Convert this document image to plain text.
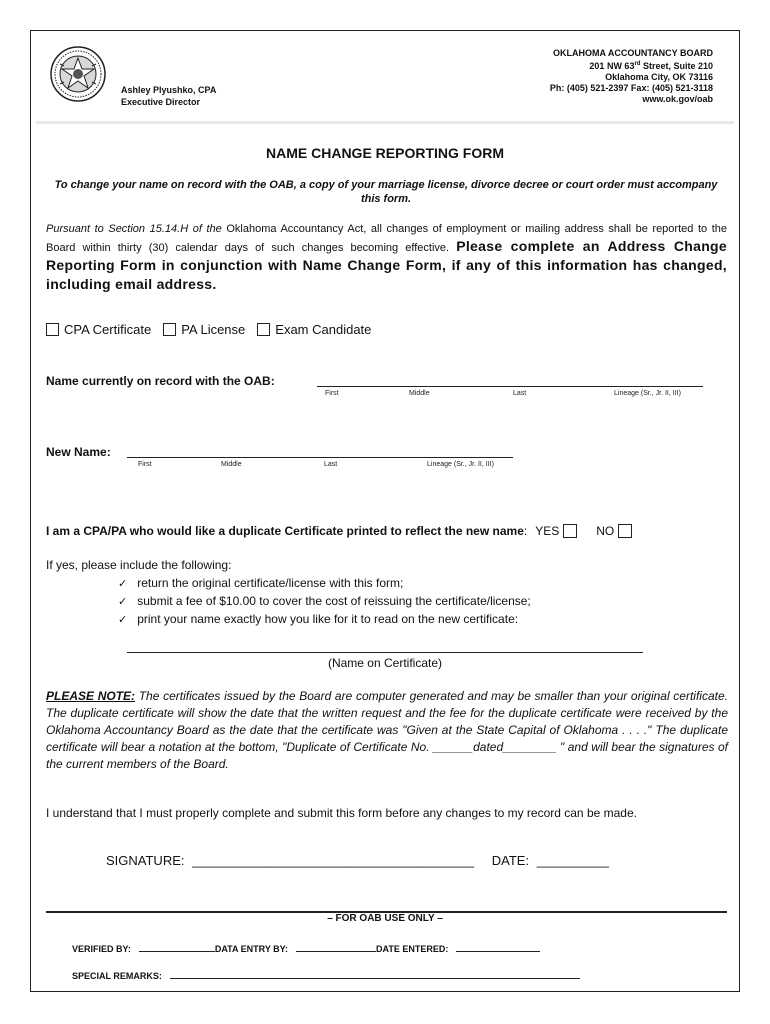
Ashley Plyushko, CPA
Executive Director
OKLAHOMA ACCOUNTANCY BOARD
201 NW 63rd Street, Suite 210
Oklahoma City, OK 73116
Ph: (405) 521-2397 Fax: (405) 521-3118
www.ok.gov/oab
NAME CHANGE REPORTING FORM
To change your name on record with the OAB, a copy of your marriage license, divorce decree or court order must accompany this form.
Pursuant to Section 15.14.H of the Oklahoma Accountancy Act, all changes of employment or mailing address shall be reported to the Board within thirty (30) calendar days of such changes becoming effective. Please complete an Address Change Reporting Form in conjunction with Name Change Form, if any of this information has changed, including email address.
CPA Certificate PA License Exam Candidate
Name currently on record with the OAB:
First	Middle	Last	Lineage (Sr., Jr. II, III)
New Name:
First	Middle	Last	Lineage (Sr., Jr. II, III)
I am a CPA/PA who would like a duplicate Certificate printed to reflect the new name : YES	NO
If yes, please include the following:
✓ return the original certificate/license with this form;
✓ submit a fee of $10.00 to cover the cost of reissuing the certificate/license;
✓ print your name exactly how you like for it to read on the new certificate:
(Name on Certificate)
PLEASE NOTE: The certificates issued by the Board are computer generated and may be smaller than your original certificate. The duplicate certificate will show the date that the written request and the fee for the duplicate certificate were received by the Oklahoma Accountancy Board as the date that the certificate was "Given at the State Capital of Oklahoma . . . ." The duplicate certificate will bear a notation at the bottom, "Duplicate of Certificate No. ______dated________ " and will bear the signatures of the current members of the Board.
I understand that I must properly complete and submit this form before any changes to my record can be made.
SIGNATURE: _______________________________________ DATE: __________
– FOR OAB USE ONLY –
VERIFIED BY:	DATA ENTRY BY:	DATE ENTERED:
SPECIAL REMARKS:
